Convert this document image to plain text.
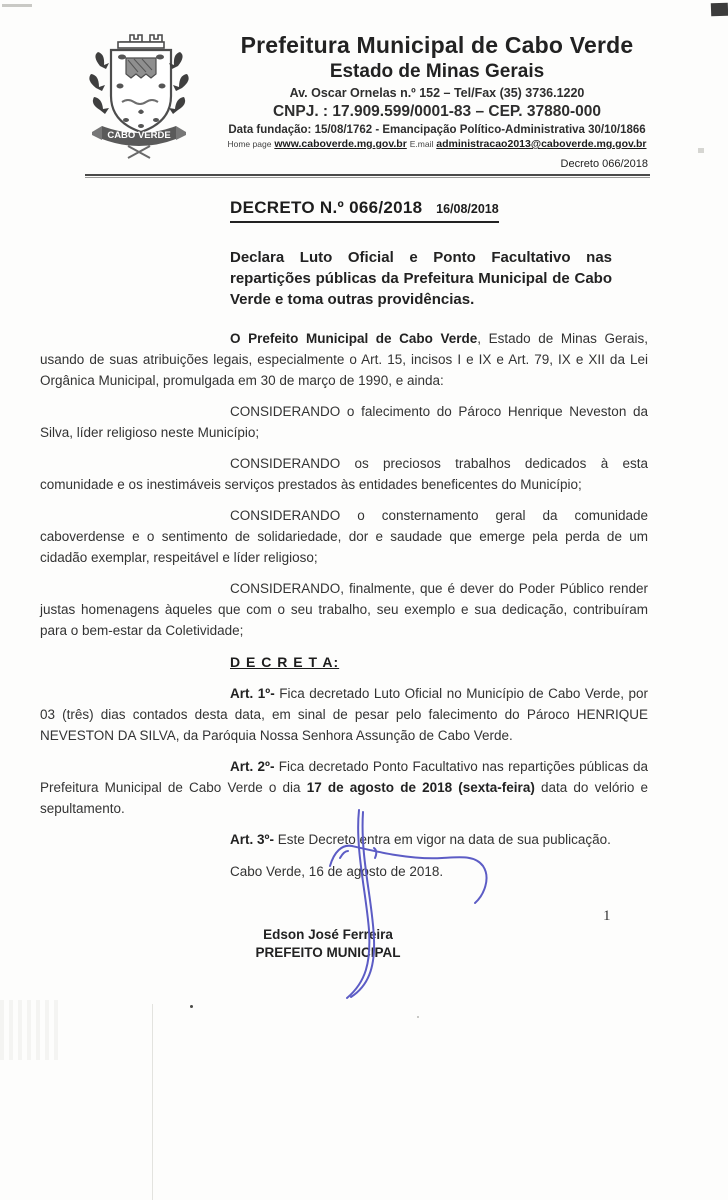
CABO VERDE
Prefeitura Municipal de Cabo Verde
Estado de Minas Gerais
Av. Oscar Ornelas n.º 152 – Tel/Fax (35) 3736.1220
CNPJ. : 17.909.599/0001-83 – CEP. 37880-000
Data fundação: 15/08/1762 - Emancipação Político-Administrativa 30/10/1866
Home page www.caboverde.mg.gov.br E.mail administracao2013@caboverde.mg.gov.br
Decreto 066/2018
DECRETO N.º 066/2018 16/08/2018
Declara Luto Oficial e Ponto Facultativo nas repartições públicas da Prefeitura Municipal de Cabo Verde e toma outras providências.

O Prefeito Municipal de Cabo Verde, Estado de Minas Gerais, usando de suas atribuições legais, especialmente o Art. 15, incisos I e IX e Art. 79, IX e XII da Lei Orgânica Municipal, promulgada em 30 de março de 1990, e ainda:

CONSIDERANDO o falecimento do Pároco Henrique Neveston da Silva, líder religioso neste Município;

CONSIDERANDO os preciosos trabalhos dedicados à esta comunidade e os inestimáveis serviços prestados às entidades beneficentes do Município;

CONSIDERANDO o consternamento geral da comunidade caboverdense e o sentimento de solidariedade, dor e saudade que emerge pela perda de um cidadão exemplar, respeitável e líder religioso;

CONSIDERANDO, finalmente, que é dever do Poder Público render justas homenagens àqueles que com o seu trabalho, seu exemplo e sua dedicação, contribuíram para o bem-estar da Coletividade;

D E C R E T A:

Art. 1º- Fica decretado Luto Oficial no Município de Cabo Verde, por 03 (três) dias contados desta data, em sinal de pesar pelo falecimento do Pároco HENRIQUE NEVESTON DA SILVA, da Paróquia Nossa Senhora Assunção de Cabo Verde.

Art. 2º- Fica decretado Ponto Facultativo nas repartições públicas da Prefeitura Municipal de Cabo Verde o dia 17 de agosto de 2018 (sexta-feira) data do velório e sepultamento.

Art. 3º- Este Decreto entra em vigor na data de sua publicação.

Cabo Verde, 16 de agosto de 2018.
Edson José Ferreira
PREFEITO MUNICIPAL
1
